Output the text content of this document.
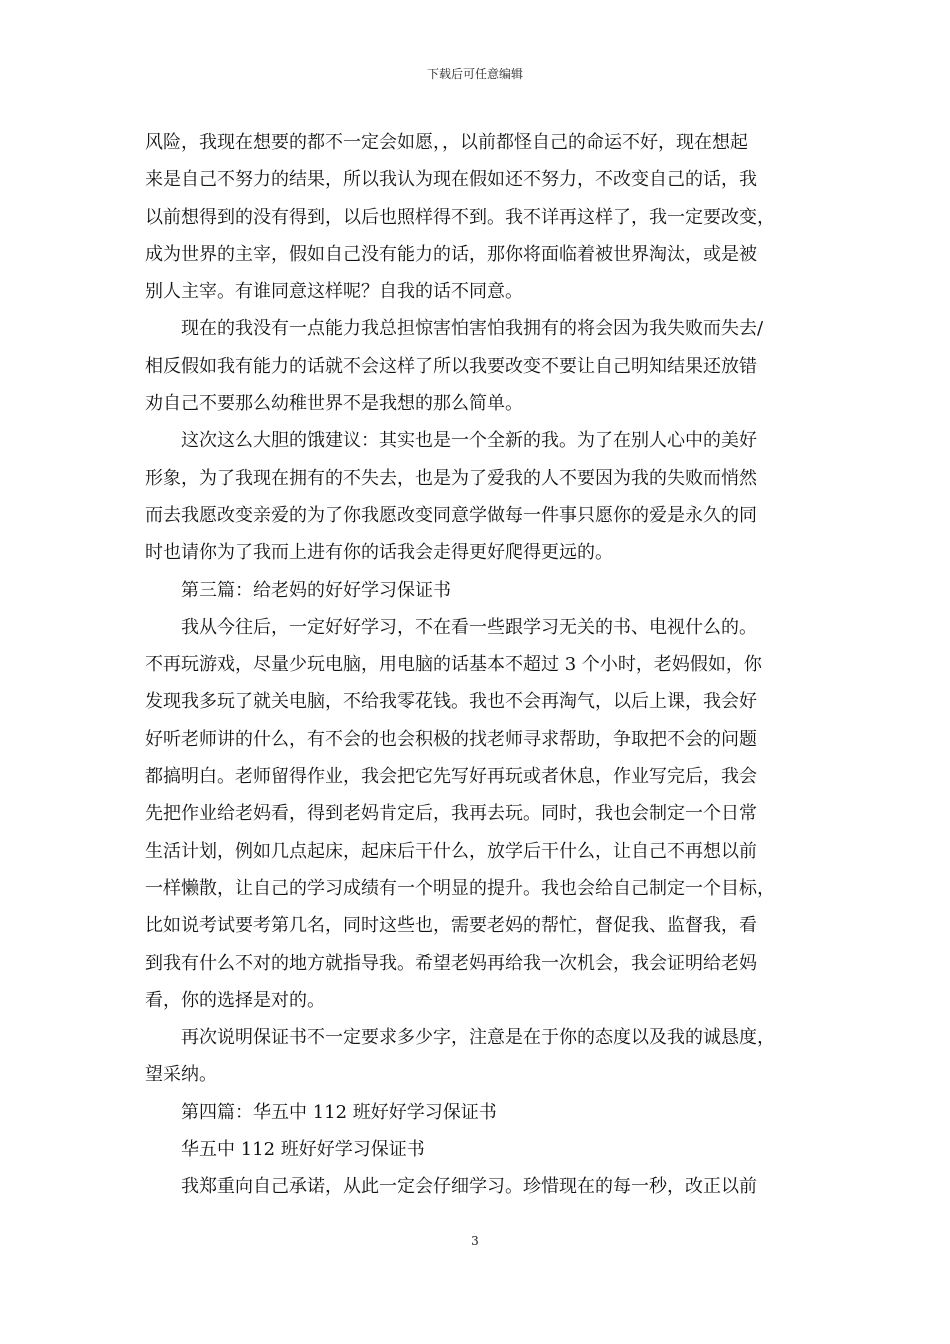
下载后可任意编辑
风险，我现在想要的都不一定会如愿，，以前都怪自己的命运不好，现在想起
来是自己不努力的结果，所以我认为现在假如还不努力，不改变自己的话，我
以前想得到的没有得到，以后也照样得不到。我不详再这样了，我一定要改变，
成为世界的主宰，假如自己没有能力的话，那你将面临着被世界淘汰，或是被
别人主宰。有谁同意这样呢？自我的话不同意。
现在的我没有一点能力我总担惊害怕害怕我拥有的将会因为我失败而失去/
相反假如我有能力的话就不会这样了所以我要改变不要让自己明知结果还放错
劝自己不要那么幼稚世界不是我想的那么简单。
这次这么大胆的饿建议：其实也是一个全新的我。为了在别人心中的美好
形象，为了我现在拥有的不失去，也是为了爱我的人不要因为我的失败而悄然
而去我愿改变亲爱的为了你我愿改变同意学做每一件事只愿你的爱是永久的同
时也请你为了我而上进有你的话我会走得更好爬得更远的。
第三篇：给老妈的好好学习保证书
我从今往后，一定好好学习，不在看一些跟学习无关的书、电视什么的。
不再玩游戏，尽量少玩电脑，用电脑的话基本不超过 3 个小时，老妈假如，你
发现我多玩了就关电脑，不给我零花钱。我也不会再淘气，以后上课，我会好
好听老师讲的什么，有不会的也会积极的找老师寻求帮助，争取把不会的问题
都搞明白。老师留得作业，我会把它先写好再玩或者休息，作业写完后，我会
先把作业给老妈看，得到老妈肯定后，我再去玩。同时，我也会制定一个日常
生活计划，例如几点起床，起床后干什么，放学后干什么，让自己不再想以前
一样懒散，让自己的学习成绩有一个明显的提升。我也会给自己制定一个目标，
比如说考试要考第几名，同时这些也，需要老妈的帮忙，督促我、监督我，看
到我有什么不对的地方就指导我。希望老妈再给我一次机会，我会证明给老妈
看，你的选择是对的。
再次说明保证书不一定要求多少字，注意是在于你的态度以及我的诚恳度，
望采纳。
第四篇：华五中 112 班好好学习保证书
华五中 112 班好好学习保证书
我郑重向自己承诺，从此一定会仔细学习。珍惜现在的每一秒，改正以前
3
